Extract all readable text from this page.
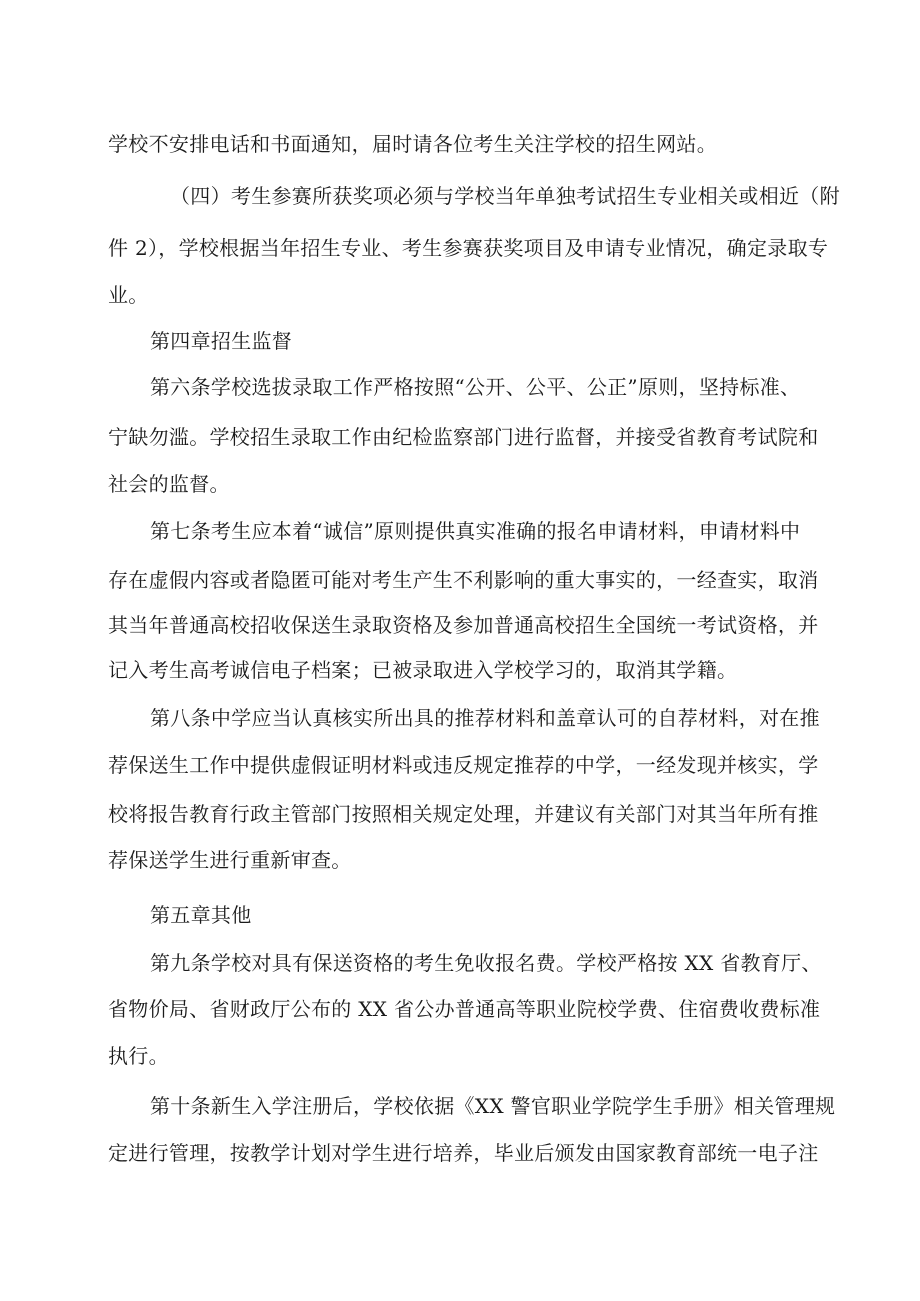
学校不安排电话和书面通知，届时请各位考生关注学校的招生网站。
（四）考生参赛所获奖项必须与学校当年单独考试招生专业相关或相近（附
件 2），学校根据当年招生专业、考生参赛获奖项目及申请专业情况，确定录取专
业。
第四章招生监督
第六条学校选拔录取工作严格按照“公开、公平、公正”原则，坚持标准、
宁缺勿滥。学校招生录取工作由纪检监察部门进行监督，并接受省教育考试院和
社会的监督。
第七条考生应本着“诚信”原则提供真实准确的报名申请材料，申请材料中
存在虚假内容或者隐匿可能对考生产生不利影响的重大事实的，一经查实，取消
其当年普通高校招收保送生录取资格及参加普通高校招生全国统一考试资格，并
记入考生高考诚信电子档案；已被录取进入学校学习的，取消其学籍。
第八条中学应当认真核实所出具的推荐材料和盖章认可的自荐材料，对在推
荐保送生工作中提供虚假证明材料或违反规定推荐的中学，一经发现并核实，学
校将报告教育行政主管部门按照相关规定处理，并建议有关部门对其当年所有推
荐保送学生进行重新审查。
第五章其他
第九条学校对具有保送资格的考生免收报名费。学校严格按 XX 省教育厅、
省物价局、省财政厅公布的 XX 省公办普通高等职业院校学费、住宿费收费标准
执行。
第十条新生入学注册后，学校依据《XX 警官职业学院学生手册》相关管理规
定进行管理，按教学计划对学生进行培养，毕业后颁发由国家教育部统一电子注
